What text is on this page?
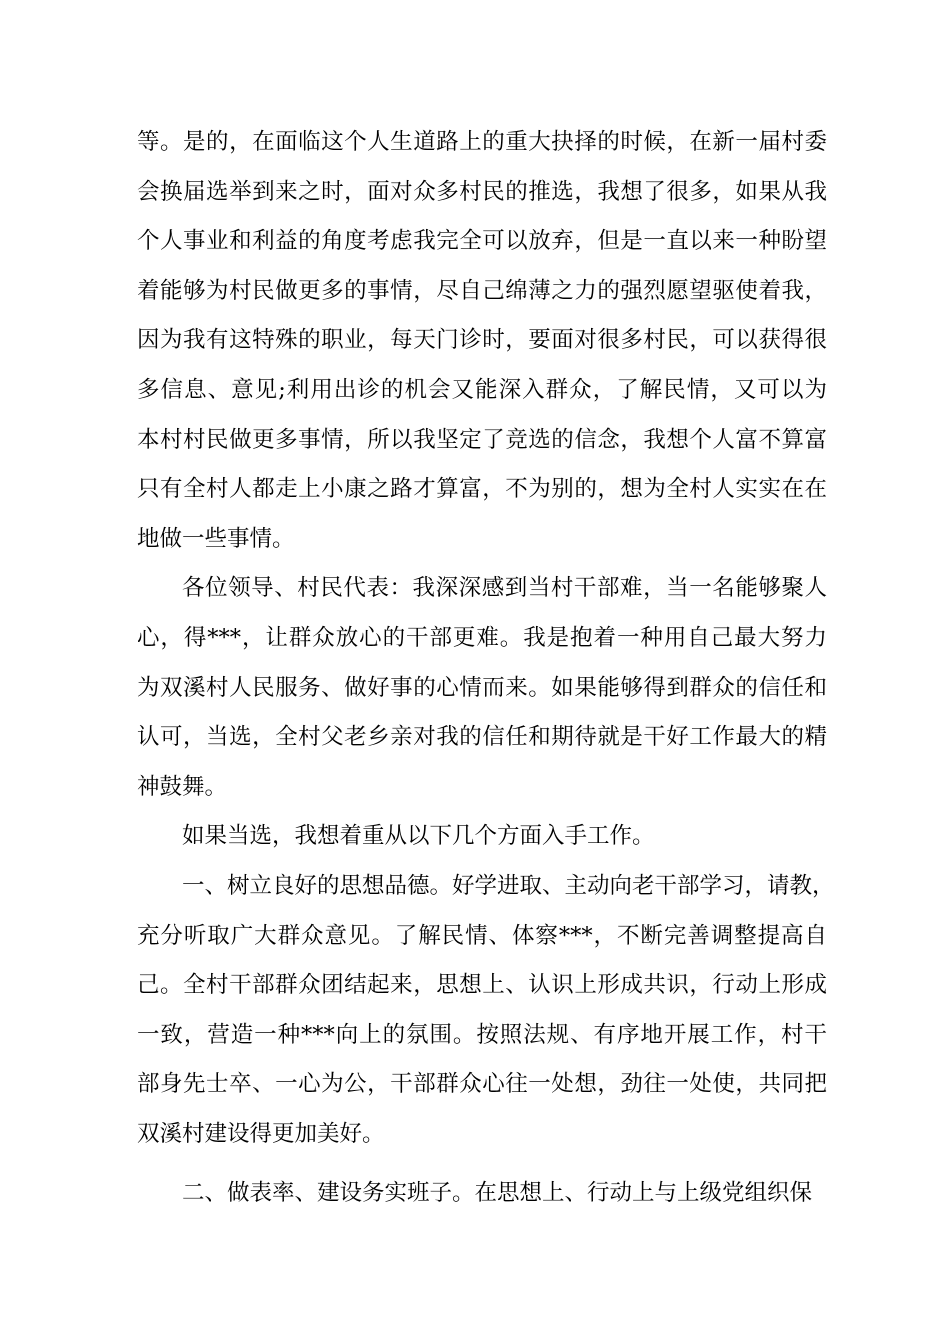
等。是的，在面临这个人生道路上的重大抉择的时候，在新一届村委
会换届选举到来之时，面对众多村民的推选，我想了很多，如果从我
个人事业和利益的角度考虑我完全可以放弃，但是一直以来一种盼望
着能够为村民做更多的事情，尽自己绵薄之力的强烈愿望驱使着我，
因为我有这特殊的职业，每天门诊时，要面对很多村民，可以获得很
多信息、意见;利用出诊的机会又能深入群众，了解民情，又可以为
本村村民做更多事情，所以我坚定了竞选的信念，我想个人富不算富
只有全村人都走上小康之路才算富，不为别的，想为全村人实实在在
地做一些事情。
各位领导、村民代表：我深深感到当村干部难，当一名能够聚人
心，得***，让群众放心的干部更难。我是抱着一种用自己最大努力
为双溪村人民服务、做好事的心情而来。如果能够得到群众的信任和
认可，当选，全村父老乡亲对我的信任和期待就是干好工作最大的精
神鼓舞。
如果当选，我想着重从以下几个方面入手工作。
一、树立良好的思想品德。好学进取、主动向老干部学习，请教，
充分听取广大群众意见。了解民情、体察***，不断完善调整提高自
己。全村干部群众团结起来，思想上、认识上形成共识，行动上形成
一致，营造一种***向上的氛围。按照法规、有序地开展工作，村干
部身先士卒、一心为公，干部群众心往一处想，劲往一处使，共同把
双溪村建设得更加美好。
二、做表率、建设务实班子。在思想上、行动上与上级党组织保
